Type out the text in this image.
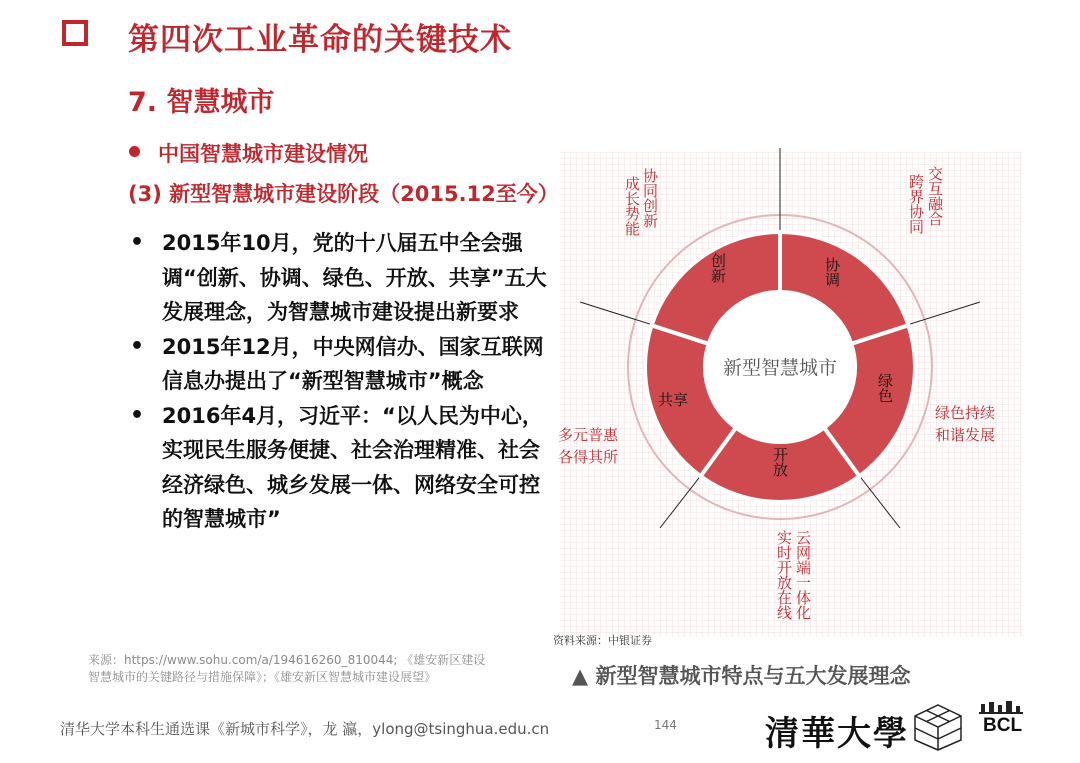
第四次工业革命的关键技术
7. 智慧城市
中国智慧城市建设情况
(3) 新型智慧城市建设阶段（2015.12至今）
• 2015年10月，党的十八届五中全会强调“创新、协调、绿色、开放、共享”五大发展理念，为智慧城市建设提出新要求
• 2015年12月，中央网信办、国家互联网信息办提出了“新型智慧城市”概念
• 2016年4月，习近平：“以人民为中心，实现民生服务便捷、社会治理精准、社会经济绿色、城乡发展一体、网络安全可控的智慧城市”
新型智慧城市
协调
绿色
开放
共享
创新
协同创新
成长势能	交互融合
跨界协同
绿色持续
和谐发展
云网端一体化
实时开放在线
多元普惠
各得其所
资料来源：中银证券
来源：https://www.sohu.com/a/194616260_810044; 《雄安新区建设智慧城市的关键路径与措施保障》；《雄安新区智慧城市建设展望》	▲ 新型智慧城市特点与五大发展理念
清华大学本科生通选课《新城市科学》，龙 瀛，ylong@tsinghua.edu.cn	144	清華大學	BCL
